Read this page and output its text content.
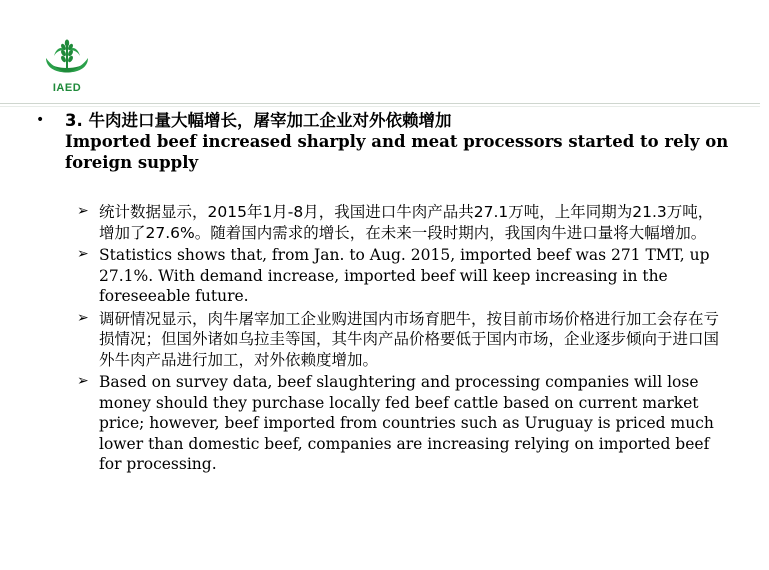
IAED
• 3. 牛肉进口量大幅增长，屠宰加工企业对外依赖增加
Imported beef increased sharply and meat processors started to rely on foreign supply
➢ 统计数据显示，2015年1月-8月，我国进口牛肉产品共27.1万吨，上年同期为21.3万吨，增加了27.6%。随着国内需求的增长，在未来一段时期内，我国肉牛进口量将大幅增加。
➢ Statistics shows that, from Jan. to Aug. 2015, imported beef was 271 TMT, up 27.1%. With demand increase, imported beef will keep increasing in the foreseeable future.
➢ 调研情况显示，肉牛屠宰加工企业购进国内市场育肥牛，按目前市场价格进行加工会存在亏损情况；但国外诸如乌拉圭等国，其牛肉产品价格要低于国内市场，企业逐步倾向于进口国外牛肉产品进行加工，对外依赖度增加。
➢ Based on survey data, beef slaughtering and processing companies will lose money should they purchase locally fed beef cattle based on current market price; however, beef imported from countries such as Uruguay is priced much lower than domestic beef, companies are increasing relying on imported beef for processing.
